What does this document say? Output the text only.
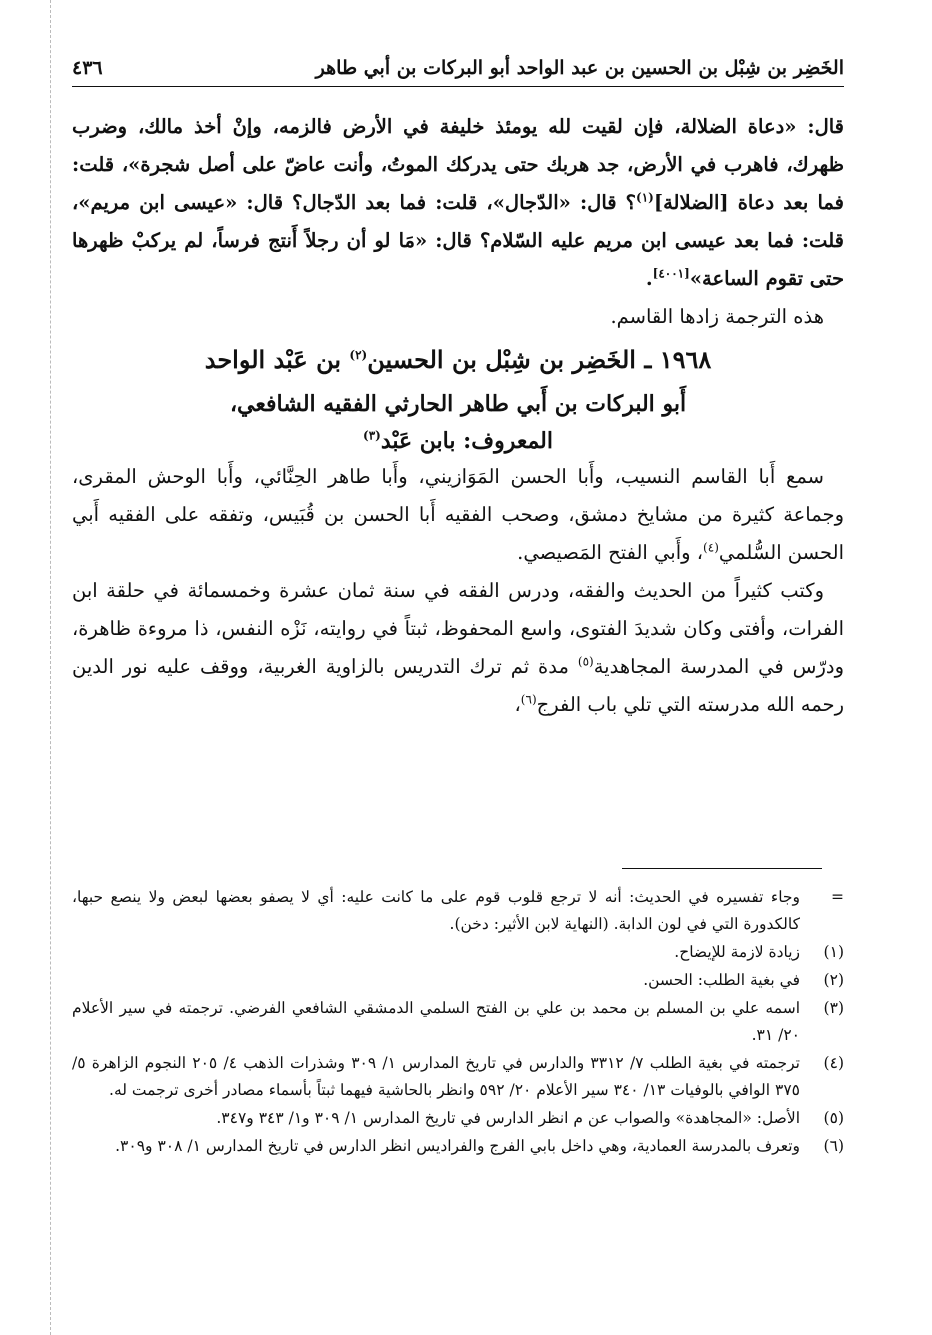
الخَضِر بن شِبْل بن الحسين بن عبد الواحد أبو البركات بن أبي طاهر
٤٣٦

قال: «دعاة الضلالة، فإن لقيت لله يومئذ خليفة في الأرض فالزمه، وإنْ أخذ مالك، وضرب ظهرك، فاهرب في الأرض، جد هربك حتى يدركك الموتُ، وأنت عاضّ على أصل شجرة»، قلت: فما بعد دعاة [الضلالة]$^{(١)}$؟ قال: «الدّجال»، قلت: فما بعد الدّجال؟ قال: «عيسى ابن مريم»، قلت: فما بعد عيسى ابن مريم عليه السّلام؟ قال: «مَا لو أن رجلاً أَنتج فرساً، لم يركبْ ظهرها حتى تقوم الساعة»[٤٠٠١].

هذه الترجمة زادها القاسم.

١٩٦٨ ـ الخَضِر بن شِبْل بن الحسين$^{(٢)}$ بن عَبْد الواحد
أَبو البركات بن أَبي طاهر الحارثي الفقيه الشافعي،
المعروف: بابن عَبْد$^{(٣)}$

سمع أَبا القاسم النسيب، وأَبا الحسن المَوَازيني، وأَبا طاهر الحِنَّائي، وأَبا الوحش المقرى، وجماعة كثيرة من مشايخ دمشق، وصحب الفقيه أَبا الحسن بن قُبَيس، وتفقه على الفقيه أَبي الحسن السُّلمي$^{(٤)}$، وأَبي الفتح المَصيصي.

وكتب كثيراً من الحديث والفقه، ودرس الفقه في سنة ثمان عشرة وخمسمائة في حلقة ابن الفرات، وأفتى وكان شديدَ الفتوى، واسع المحفوظ، ثبتاً في روايته، نَزْه النفس، ذا مروءة ظاهرة، ودرّس في المدرسة المجاهدية$^{(٥)}$ مدة ثم ترك التدريس بالزاوية الغربية، ووقف عليه نور الدين رحمه الله مدرسته التي تلي باب الفرج$^{(٦)}$،

=
وجاء تفسيره في الحديث: أنه لا ترجع قلوب قوم على ما كانت عليه: أي لا يصفو بعضها لبعض ولا ينصع حبها، كالكدورة التي في لون الدابة. (النهاية لابن الأثير: دخن).
(١)
زيادة لازمة للإيضاح.
(٢)
في بغية الطلب: الحسن.
(٣)
اسمه علي بن المسلم بن محمد بن علي بن الفتح السلمي الدمشقي الشافعي الفرضي. ترجمته في سير الأعلام ٢٠/ ٣١.
(٤)
ترجمته في بغية الطلب ٧/ ٣٣١٢ والدارس في تاريخ المدارس ١/ ٣٠٩ وشذرات الذهب ٤/ ٢٠٥ النجوم الزاهرة ٥/ ٣٧٥ الوافي بالوفيات ١٣/ ٣٤٠ سير الأعلام ٢٠/ ٥٩٢ وانظر بالحاشية فيهما ثبتاً بأسماء مصادر أخرى ترجمت له.
(٥)
الأصل: «المجاهدة» والصواب عن م انظر الدارس في تاريخ المدارس ١/ ٣٠٩ و١/ ٣٤٣ و٣٤٧.
(٦)
وتعرف بالمدرسة العمادية، وهي داخل بابي الفرج والفراديس انظر الدارس في تاريخ المدارس ١/ ٣٠٨ و٣٠٩.
